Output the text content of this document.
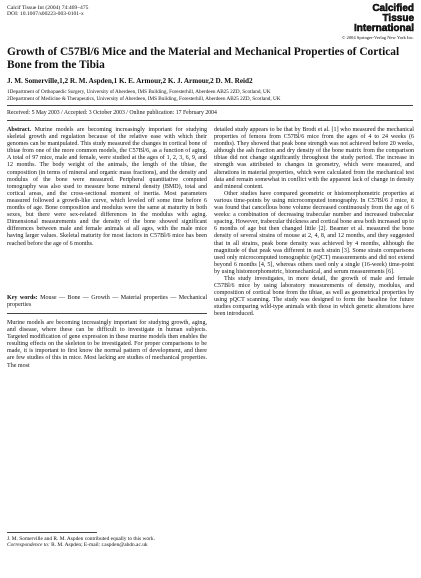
Calcif Tissue Int (2004) 74:469–475
DOI: 10.1007/s00223-003-0101-x	Calcified
Tissue
International
© 2004 Springer-Verlag New York Inc.
Growth of C57Bl/6 Mice and the Material and Mechanical Properties of Cortical Bone from the Tibia
J. M. Somerville,1,2 R. M. Aspden,1 K. E. Armour,2 K. J. Armour,2 D. M. Reid2
1Department of Orthopaedic Surgery, University of Aberdeen, IMS Building, Foresterhill, Aberdeen AB25 2ZD, Scotland, UK
2Department of Medicine & Therapeutics, University of Aberdeen, IMS Building, Foresterhill, Aberdeen AB25 2ZD, Scotland, UK
Received: 5 May 2003 / Accepted: 3 October 2003 / Online publication: 17 February 2004

Abstract. Murine models are becoming increasingly important for studying skeletal growth and regulation because of the relative ease with which their genomes can be manipulated. This study measured the changes in cortical bone of tibiae from one of the more common models, the C57Bl/6, as a function of aging. A total of 97 mice, male and female, were studied at the ages of 1, 2, 3, 6, 9, and 12 months. The body weight of the animals, the length of the tibiae, the composition (in terms of mineral and organic mass fractions), and the density and modulus of the bone were measured. Peripheral quantitative computed tomography was also used to measure bone mineral density (BMD), total and cortical areas, and the cross-sectional moment of inertia. Most parameters measured followed a growth-like curve, which leveled off some time before 6 months of age. Bone composition and modulus were the same at maturity in both sexes, but there were sex-related differences in the modulus with aging. Dimensional measurements and the density of the bone showed significant differences between male and female animals at all ages, with the male mice having larger values. Skeletal maturity for most factors in C57Bl/6 mice has been reached before the age of 6 months.

Key words: Mouse — Bone — Growth — Material properties — Mechanical properties

Murine models are becoming increasingly important for studying growth, aging, and disease, where these can be difficult to investigate in human subjects. Targeted modification of gene expression in these murine models then enables the resulting effects on the skeleton to be investigated. For proper comparisons to be made, it is important to first know the normal pattern of development, and there are few studies of this in mice. Most lacking are studies of mechanical properties. The most

detailed study appears to be that by Brodt et al. [1] who measured the mechanical properties of femora from C57Bl/6 mice from the ages of 4 to 24 weeks (6 months). They showed that peak bone strength was not achieved before 20 weeks, although the ash fraction and dry density of the bone matrix from the comparison tibiae did not change significantly throughout the study period. The increase in strength was attributed to changes in geometry, which were measured, and alterations in material properties, which were calculated from the mechanical test data and remain somewhat in conflict with the apparent lack of change in density and mineral content.

Other studies have compared geometric or histomorphometric properties at various time-points by using microcomputed tomography. In C57Bl/6 J mice, it was found that cancellous bone volume decreased continuously from the age of 6 weeks: a combination of decreasing trabecular number and increased trabecular spacing. However, trabecular thickness and cortical bone area both increased up to 6 months of age but then changed little [2]. Beamer et al. measured the bone density of several strains of mouse at 2, 4, 8, and 12 months, and they suggested that in all strains, peak bone density was achieved by 4 months, although the magnitude of that peak was different in each strain [3]. Some strain comparisons used only microcomputed tomographic (pQCT) measurements and did not extend beyond 6 months [4, 5], whereas others used only a single (16-week) time-point by using histomorphometric, biomechanical, and serum measurements [6].

This study investigates, in more detail, the growth of male and female C57Bl/6 mice by using laboratory measurements of density, modulus, and composition of cortical bone from the tibiae, as well as geometrical properties by using pQCT scanning. The study was designed to form the baseline for future studies comparing wild-type animals with those in which genetic alterations have been introduced.

J. M. Somerville and R. M. Aspden contributed equally to this work.
Correspondence to: R. M. Aspden; E-mail: r.aspden@abdn.ac.uk
